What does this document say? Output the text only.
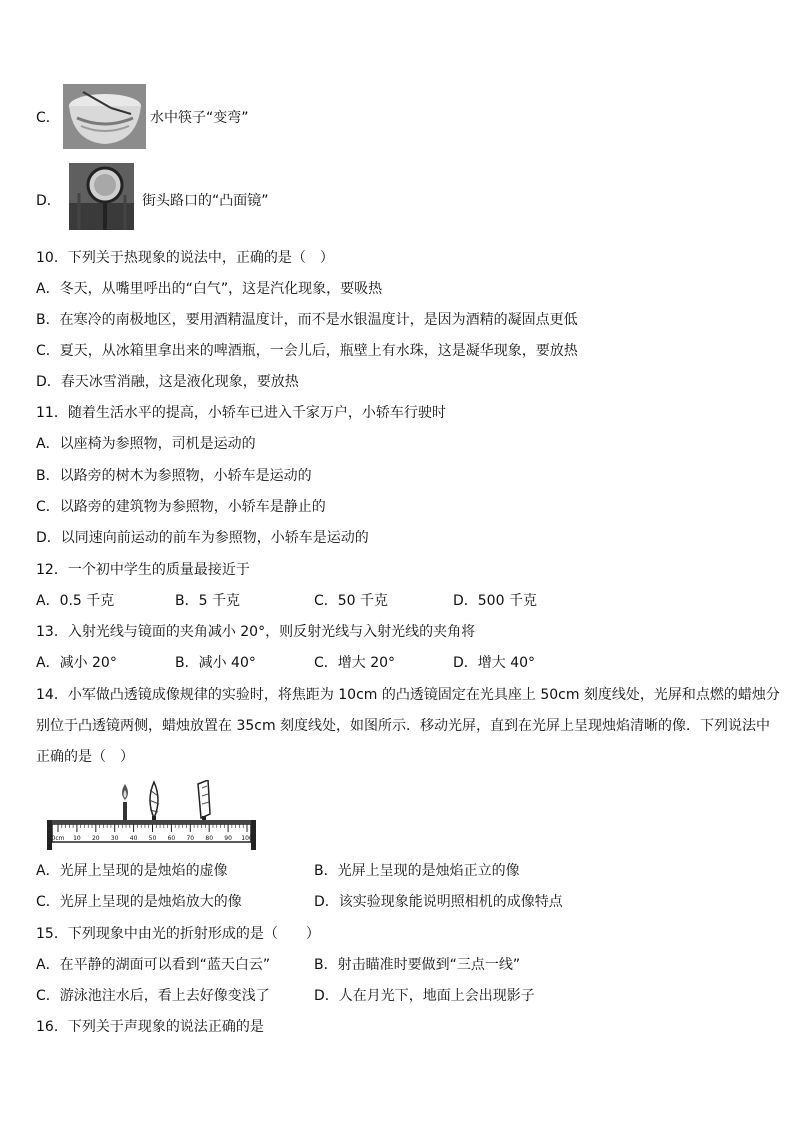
C．	水中筷子“变弯”
D．	街头路口的“凸面镜”
10．下列关于热现象的说法中，正确的是（　）
A．冬天，从嘴里呼出的“白气”，这是汽化现象，要吸热
B．在寒冷的南极地区，要用酒精温度计，而不是水银温度计，是因为酒精的凝固点更低
C．夏天，从冰箱里拿出来的啤酒瓶，一会儿后，瓶壁上有水珠，这是凝华现象，要放热
D．春天冰雪消融，这是液化现象，要放热
11．随着生活水平的提高，小轿车已进入千家万户，小轿车行驶时
A．以座椅为参照物，司机是运动的
B．以路旁的树木为参照物，小轿车是运动的
C．以路旁的建筑物为参照物，小轿车是静止的
D．以同速向前运动的前车为参照物，小轿车是运动的
12．一个初中学生的质量最接近于
A．0.5 千克	B．5 千克	C．50 千克	D．500 千克
13．入射光线与镜面的夹角减小 20°，则反射光线与入射光线的夹角将
A．减小 20°	B．减小 40°	C．增大 20°	D．增大 40°
14．小军做凸透镜成像规律的实验时，将焦距为 10cm 的凸透镜固定在光具座上 50cm 刻度线处，光屏和点燃的蜡烛分
别位于凸透镜两侧，蜡烛放置在 35cm 刻度线处，如图所示．移动光屏，直到在光屏上呈现烛焰清晰的像．下列说法中
正确的是（　）
0cm 10 20 30 40 50 60 70 80 90 100
A．光屏上呈现的是烛焰的虚像	B．光屏上呈现的是烛焰正立的像
C．光屏上呈现的是烛焰放大的像	D．该实验现象能说明照相机的成像特点
15．下列现象中由光的折射形成的是（　　）
A．在平静的湖面可以看到“蓝天白云”	B．射击瞄准时要做到“三点一线”
C．游泳池注水后，看上去好像变浅了	D．人在月光下，地面上会出现影子
16．下列关于声现象的说法正确的是
